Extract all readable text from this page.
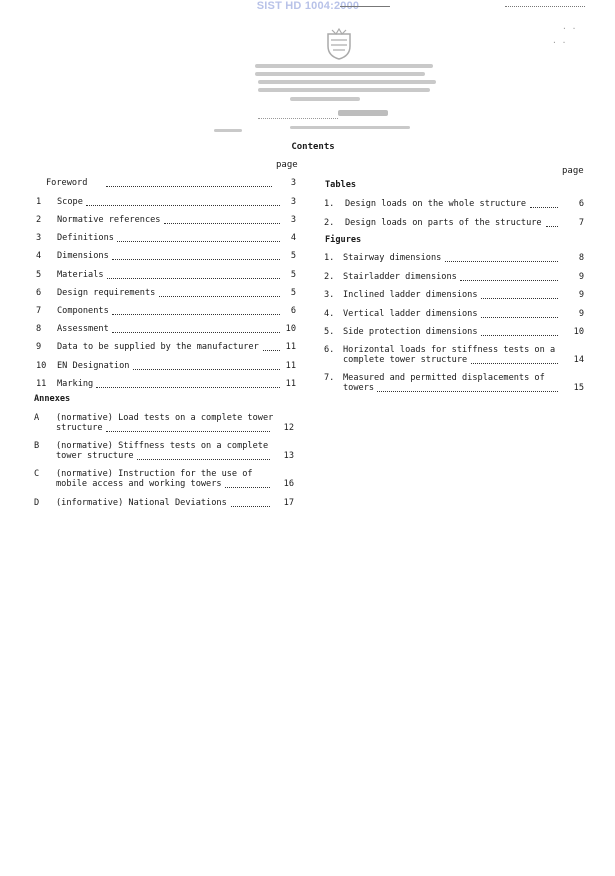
SIST HD 1004:2000
· ·
· ·
Contents
page
page
Foreword	3
1 Scope	3
2 Normative references	3
3 Definitions	4
4 Dimensions	5
5 Materials	5
6 Design requirements	5
7 Components	6
8 Assessment	10
9 Data to be supplied by the manufacturer	11
10 EN Designation	11
11 Marking	11
Annexes
A (normative) Load tests on a complete tower
structure	12
B (normative) Stiffness tests on a complete
tower structure	13
C (normative) Instruction for the use of
mobile access and working towers	16
D (informative) National Deviations	17
Tables
1. Design loads on the whole structure	6
2. Design loads on parts of the structure	7
Figures
1. Stairway dimensions	8
2. Stairladder dimensions	9
3. Inclined ladder dimensions	9
4. Vertical ladder dimensions	9
5. Side protection dimensions	10
6. Horizontal loads for stiffness tests on a
complete tower structure	14
7. Measured and permitted displacements of
towers	15
